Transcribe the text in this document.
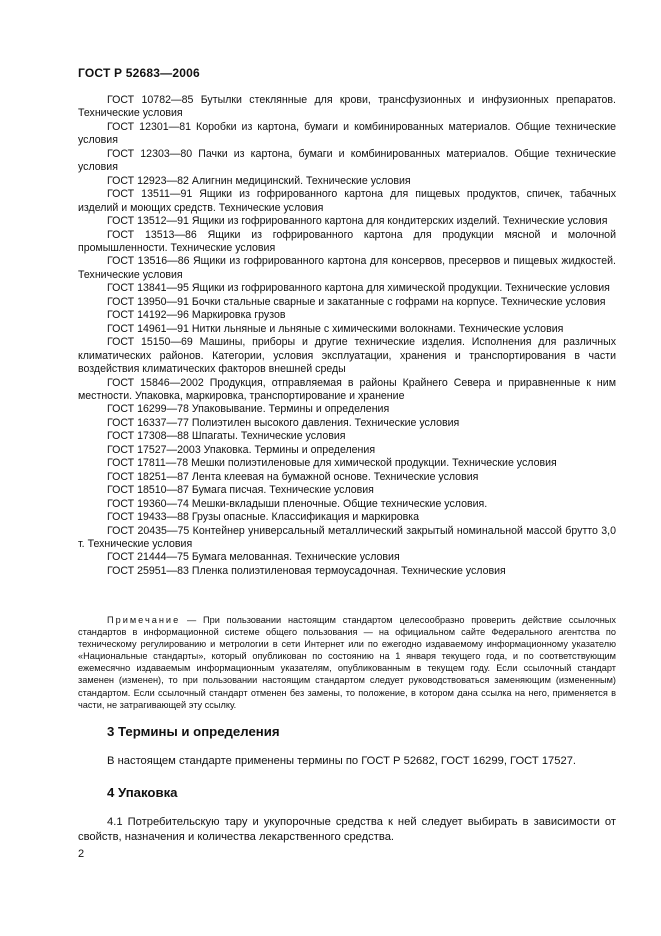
ГОСТ Р 52683—2006

ГОСТ 10782—85 Бутылки стеклянные для крови, трансфузионных и инфузионных препаратов. Технические условия

ГОСТ 12301—81 Коробки из картона, бумаги и комбинированных материалов. Общие технические условия

ГОСТ 12303—80 Пачки из картона, бумаги и комбинированных материалов. Общие технические условия

ГОСТ 12923—82 Алигнин медицинский. Технические условия

ГОСТ 13511—91 Ящики из гофрированного картона для пищевых продуктов, спичек, табачных изделий и моющих средств. Технические условия

ГОСТ 13512—91 Ящики из гофрированного картона для кондитерских изделий. Технические условия

ГОСТ 13513—86 Ящики из гофрированного картона для продукции мясной и молочной промышленности. Технические условия

ГОСТ 13516—86 Ящики из гофрированного картона для консервов, пресервов и пищевых жидкостей. Технические условия

ГОСТ 13841—95 Ящики из гофрированного картона для химической продукции. Технические условия

ГОСТ 13950—91 Бочки стальные сварные и закатанные с гофрами на корпусе. Технические условия

ГОСТ 14192—96 Маркировка грузов

ГОСТ 14961—91 Нитки льняные и льняные с химическими волокнами. Технические условия

ГОСТ 15150—69 Машины, приборы и другие технические изделия. Исполнения для различных климатических районов. Категории, условия эксплуатации, хранения и транспортирования в части воздействия климатических факторов внешней среды

ГОСТ 15846—2002 Продукция, отправляемая в районы Крайнего Севера и приравненные к ним местности. Упаковка, маркировка, транспортирование и хранение

ГОСТ 16299—78 Упаковывание. Термины и определения

ГОСТ 16337—77 Полиэтилен высокого давления. Технические условия

ГОСТ 17308—88 Шпагаты. Технические условия

ГОСТ 17527—2003 Упаковка. Термины и определения

ГОСТ 17811—78 Мешки полиэтиленовые для химической продукции. Технические условия

ГОСТ 18251—87 Лента клеевая на бумажной основе. Технические условия

ГОСТ 18510—87 Бумага писчая. Технические условия

ГОСТ 19360—74 Мешки-вкладыши пленочные. Общие технические условия.

ГОСТ 19433—88 Грузы опасные. Классификация и маркировка

ГОСТ 20435—75 Контейнер универсальный металлический закрытый номинальной массой брутто 3,0 т. Технические условия

ГОСТ 21444—75 Бумага мелованная. Технические условия

ГОСТ 25951—83 Пленка полиэтиленовая термоусадочная. Технические условия

Примечание — При пользовании настоящим стандартом целесообразно проверить действие ссылочных стандартов в информационной системе общего пользования — на официальном сайте Федерального агентства по техническому регулированию и метрологии в сети Интернет или по ежегодно издаваемому информационному указателю «Национальные стандарты», который опубликован по состоянию на 1 января текущего года, и по соответствующим ежемесячно издаваемым информационным указателям, опубликованным в текущем году. Если ссылочный стандарт заменен (изменен), то при пользовании настоящим стандартом следует руководствоваться заменяющим (измененным) стандартом. Если ссылочный стандарт отменен без замены, то положение, в котором дана ссылка на него, применяется в части, не затрагивающей эту ссылку.

3 Термины и определения

В настоящем стандарте применены термины по ГОСТ Р 52682, ГОСТ 16299, ГОСТ 17527.

4 Упаковка

4.1 Потребительскую тару и укупорочные средства к ней следует выбирать в зависимости от свойств, назначения и количества лекарственного средства.

2
